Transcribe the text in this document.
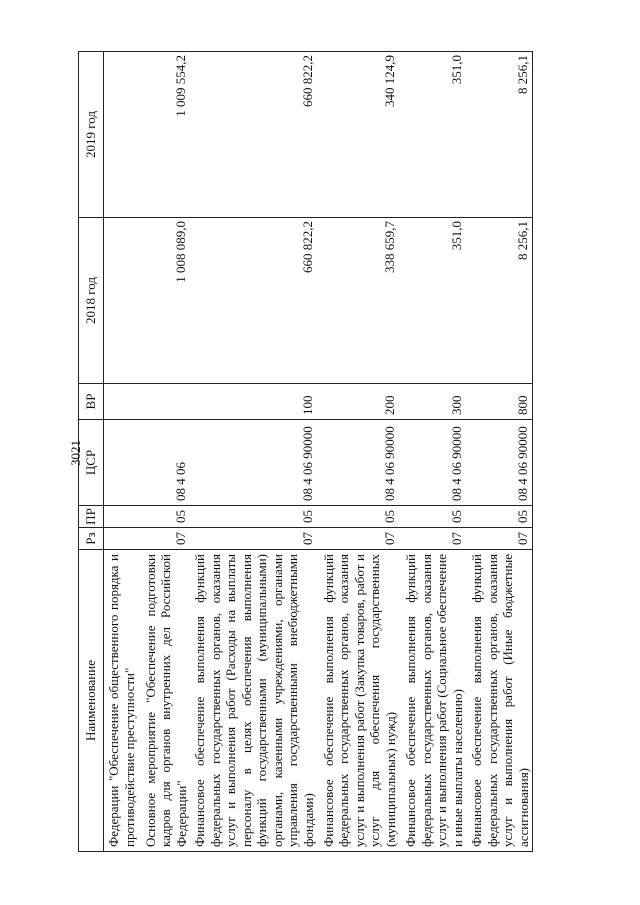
3021
Наименование	Рз	ПР	ЦСР	ВР	2018 год	2019 год
Федерации "Обеспечение общественного порядка и противодействие преступности"						
Основное мероприятие "Обеспечение подготовки кадров для органов внутренних дел Российской Федерации"	07	05	08 4 06		1 008 089,0	1 009 554,2
Финансовое обеспечение выполнения функций федеральных государственных органов, оказания услуг и выполнения работ (Расходы на выплаты персоналу в целях обеспечения выполнения функций государственными (муниципальными) органами, казенными учреждениями, органами управления государственными внебюджетными фондами)	07	05	08 4 06 90000	100	660 822,2	660 822,2
Финансовое обеспечение выполнения функций федеральных государственных органов, оказания услуг и выполнения работ (Закупка товаров, работ и услуг для обеспечения государственных (муниципальных) нужд)	07	05	08 4 06 90000	200	338 659,7	340 124,9
Финансовое обеспечение выполнения функций федеральных государственных органов, оказания услуг и выполнения работ (Социальное обеспечение и иные выплаты населению)	07	05	08 4 06 90000	300	351,0	351,0
Финансовое обеспечение выполнения функций федеральных государственных органов, оказания услуг и выполнения работ (Иные бюджетные ассигнования)	07	05	08 4 06 90000	800	8 256,1	8 256,1
